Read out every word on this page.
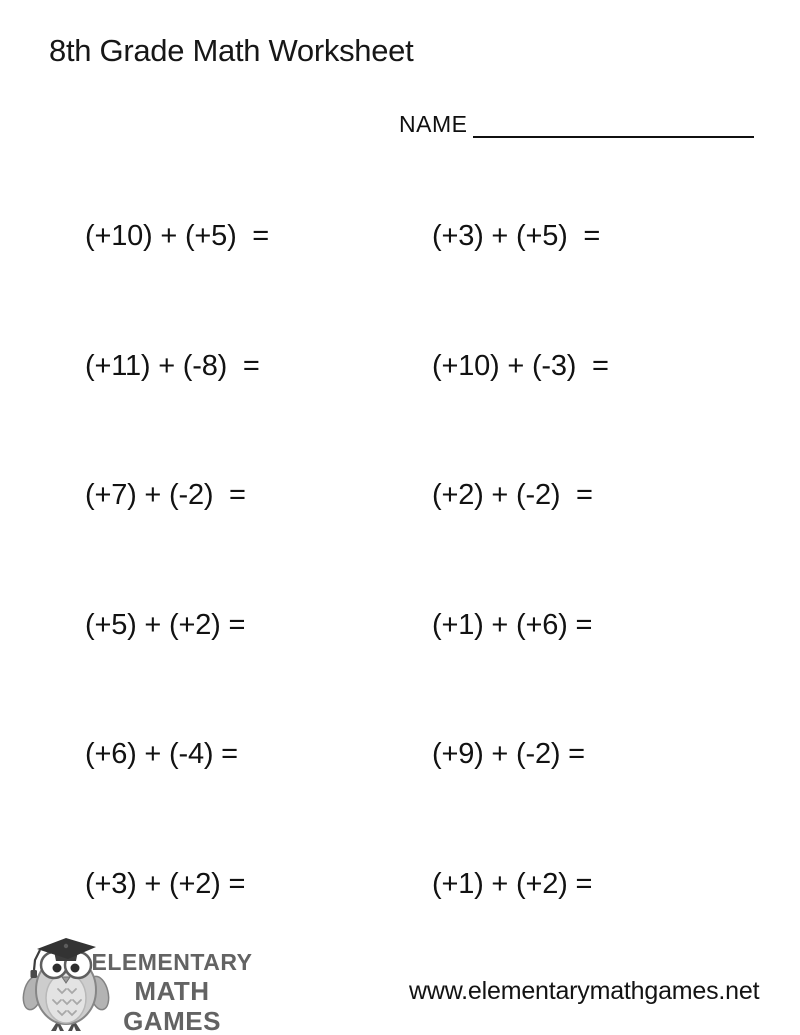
8th Grade Math Worksheet
NAME
(+10) + (+5)  =	(+3) + (+5)  =
(+11) + (-8)  =	(+10) + (-3)  =
(+7) + (-2)  =	(+2) + (-2)  =
(+5) + (+2) =	(+1) + (+6) =
(+6) + (-4) =	(+9) + (-2) =
(+3) + (+2) =	(+1) + (+2) =
ELEMENTARY
MATH GAMES
www.elementarymathgames.net
